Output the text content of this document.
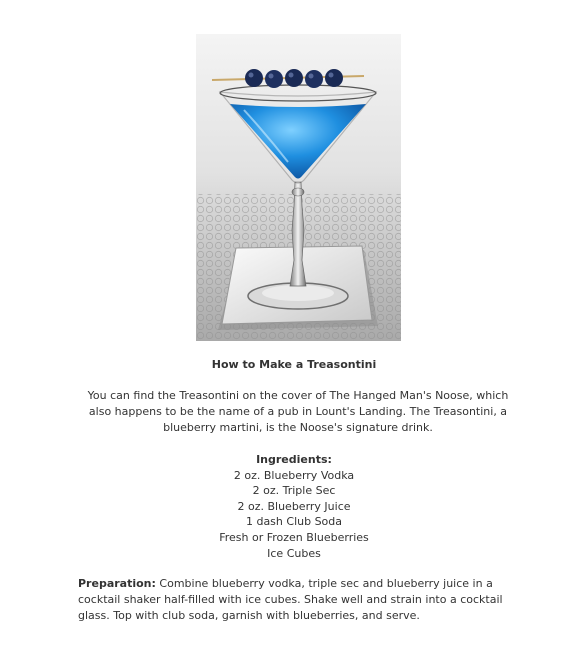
How to Make a Treasontini
You can find the Treasontini on the cover of The Hanged Man's Noose, which also happens to be the name of a pub in Lount's Landing. The Treasontini, a blueberry martini, is the Noose's signature drink.
Ingredients:
2 oz. Blueberry Vodka
2 oz. Triple Sec
2 oz. Blueberry Juice
1 dash Club Soda
Fresh or Frozen Blueberries
Ice Cubes
Preparation: Combine blueberry vodka, triple sec and blueberry juice in a cocktail shaker half-filled with ice cubes. Shake well and strain into a cocktail glass. Top with club soda, garnish with blueberries, and serve.
